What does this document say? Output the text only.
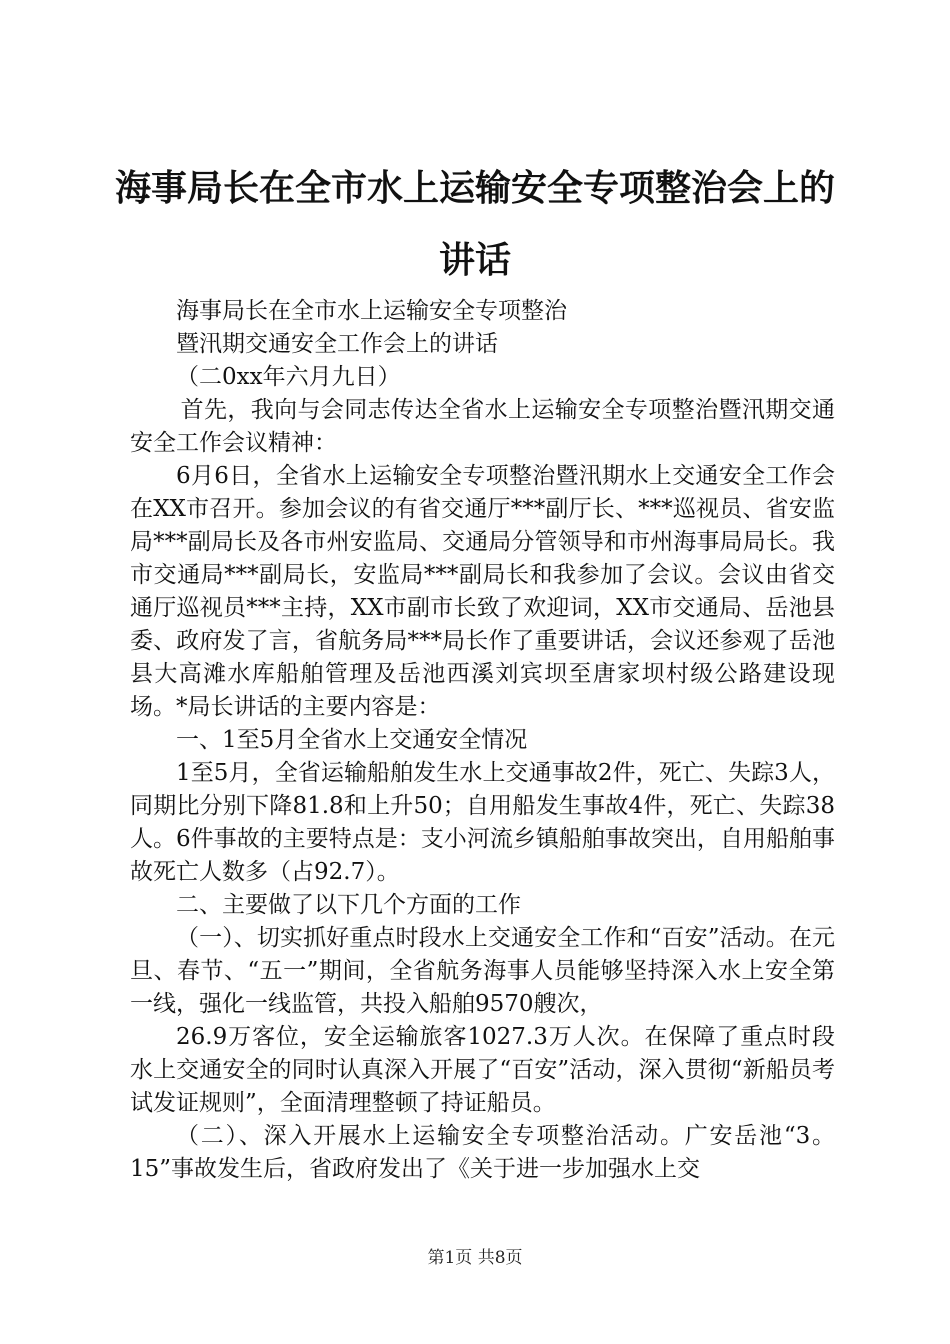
海事局长在全市水上运输安全专项整治会上的讲话

海事局长在全市水上运输安全专项整治

暨汛期交通安全工作会上的讲话

（二0xx年六月九日）

首先，我向与会同志传达全省水上运输安全专项整治暨汛期交通安全工作会议精神：

6月6日，全省水上运输安全专项整治暨汛期水上交通安全工作会在XX市召开。参加会议的有省交通厅***副厅长、***巡视员、省安监局***副局长及各市州安监局、交通局分管领导和市州海事局局长。我市交通局***副局长，安监局***副局长和我参加了会议。会议由省交通厅巡视员***主持，XX市副市长致了欢迎词，XX市交通局、岳池县委、政府发了言，省航务局***局长作了重要讲话，会议还参观了岳池县大高滩水库船舶管理及岳池西溪刘宾坝至唐家坝村级公路建设现场。*局长讲话的主要内容是：

一、1至5月全省水上交通安全情况

1至5月，全省运输船舶发生水上交通事故2件，死亡、失踪3人，同期比分别下降81.8和上升50；自用船发生事故4件，死亡、失踪38人。6件事故的主要特点是：支小河流乡镇船舶事故突出，自用船舶事故死亡人数多（占92.7）。

二、主要做了以下几个方面的工作

（一）、切实抓好重点时段水上交通安全工作和“百安”活动。在元旦、春节、“五一”期间，全省航务海事人员能够坚持深入水上安全第一线，强化一线监管，共投入船舶9570艘次，

26.9万客位，安全运输旅客1027.3万人次。在保障了重点时段水上交通安全的同时认真深入开展了“百安”活动，深入贯彻“新船员考试发证规则”，全面清理整顿了持证船员。

（二）、深入开展水上运输安全专项整治活动。广安岳池“3。15”事故发生后，省政府发出了《关于进一步加强水上交

第1页 共8页
